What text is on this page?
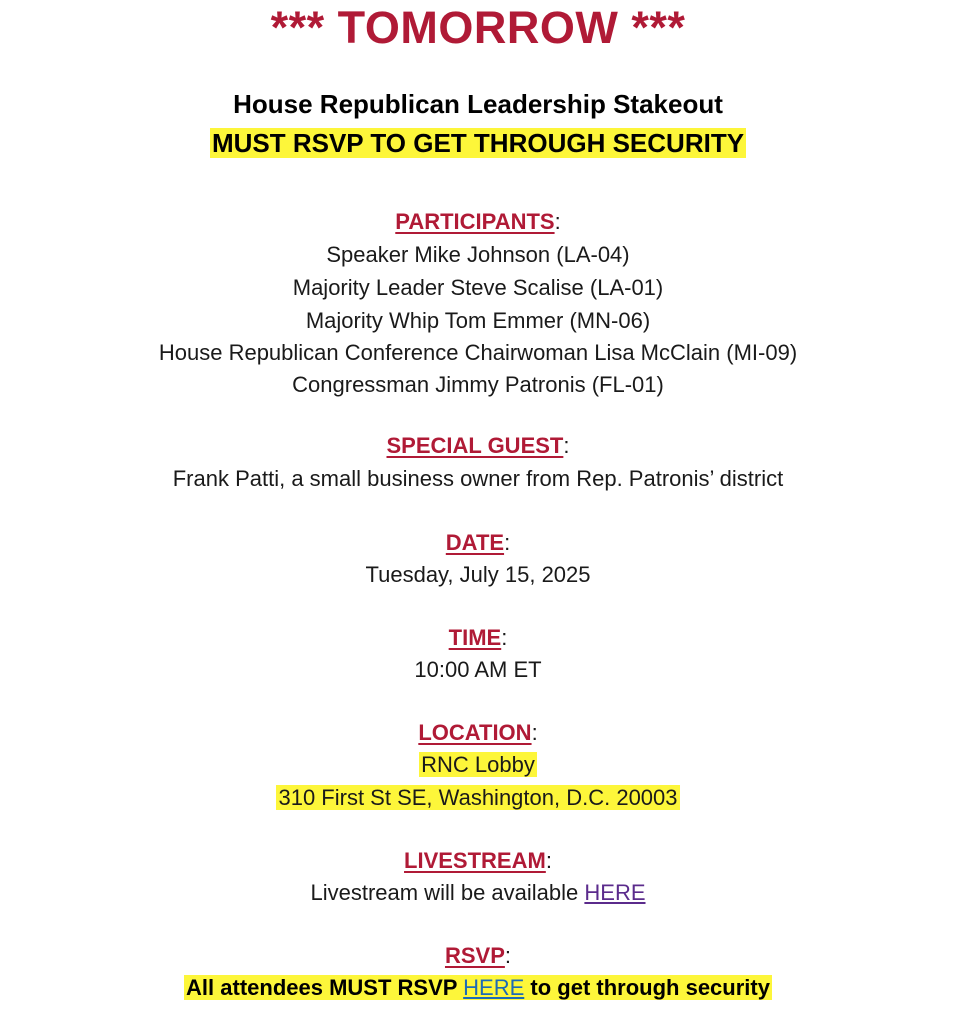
*** TOMORROW ***
House Republican Leadership Stakeout
MUST RSVP TO GET THROUGH SECURITY
PARTICIPANTS:
Speaker Mike Johnson (LA-04)
Majority Leader Steve Scalise (LA-01)
Majority Whip Tom Emmer (MN-06)
House Republican Conference Chairwoman Lisa McClain (MI-09)
Congressman Jimmy Patronis (FL-01)
SPECIAL GUEST:
Frank Patti, a small business owner from Rep. Patronis’ district
DATE:
Tuesday, July 15, 2025
TIME:
10:00 AM ET
LOCATION:
RNC Lobby
310 First St SE, Washington, D.C. 20003
LIVESTREAM:
Livestream will be available HERE
RSVP:
All attendees MUST RSVP HERE to get through security
